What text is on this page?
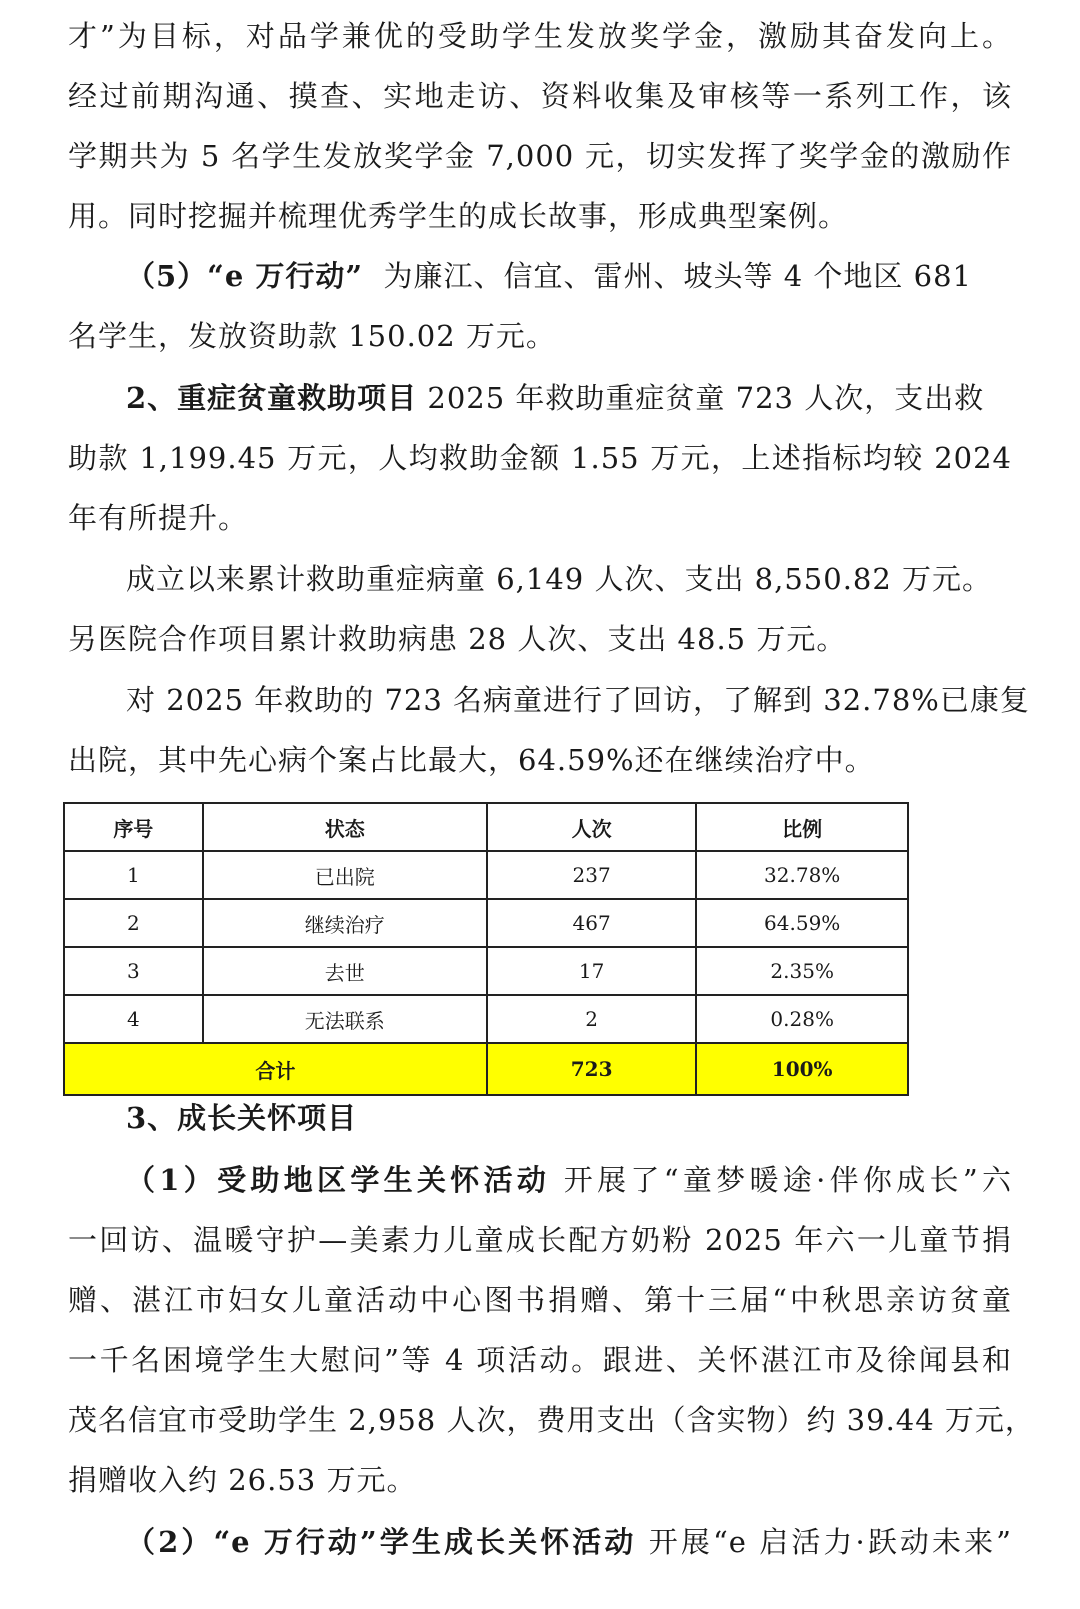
才”为目标，对品学兼优的受助学生发放奖学金，激励其奋发向上。
经过前期沟通、摸查、实地走访、资料收集及审核等一系列工作，该
学期共为 5 名学生发放奖学金 7,000 元，切实发挥了奖学金的激励作
用。同时挖掘并梳理优秀学生的成长故事，形成典型案例。
（5）“e 万行动” 为廉江、信宜、雷州、坡头等 4 个地区 681
名学生，发放资助款 150.02 万元。
2、重症贫童救助项目 2025 年救助重症贫童 723 人次，支出救
助款 1,199.45 万元，人均救助金额 1.55 万元，上述指标均较 2024
年有所提升。
成立以来累计救助重症病童 6,149 人次、支出 8,550.82 万元。
另医院合作项目累计救助病患 28 人次、支出 48.5 万元。
对 2025 年救助的 723 名病童进行了回访，了解到 32.78%已康复
出院，其中先心病个案占比最大，64.59%还在继续治疗中。
序号	状态	人次	比例
1	已出院	237	32.78%
2	继续治疗	467	64.59%
3	去世	17	2.35%
4	无法联系	2	0.28%
合计		723	100%
3、成长关怀项目
（1）受助地区学生关怀活动 开展了“童梦暖途·伴你成长”六
一回访、温暖守护—美素力儿童成长配方奶粉 2025 年六一儿童节捐
赠、湛江市妇女儿童活动中心图书捐赠、第十三届“中秋思亲访贫童
一千名困境学生大慰问”等 4 项活动。跟进、关怀湛江市及徐闻县和
茂名信宜市受助学生 2,958 人次，费用支出（含实物）约 39.44 万元，
捐赠收入约 26.53 万元。
（2）“e 万行动”学生成长关怀活动 开展“e 启活力·跃动未来”
